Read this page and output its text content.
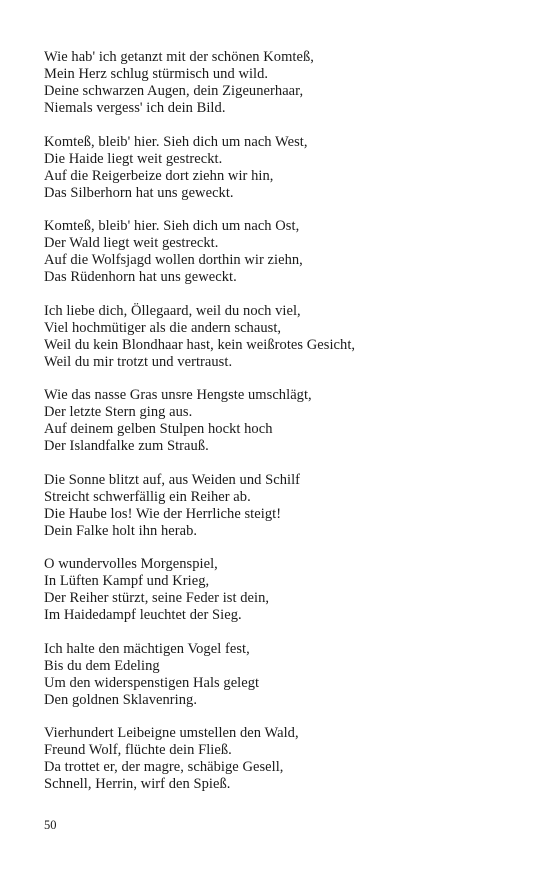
Wie hab' ich getanzt mit der schönen Komteß,
Mein Herz schlug stürmisch und wild.
Deine schwarzen Augen, dein Zigeunerhaar,
Niemals vergess' ich dein Bild.
Komteß, bleib' hier. Sieh dich um nach West,
Die Haide liegt weit gestreckt.
Auf die Reigerbeize dort ziehn wir hin,
Das Silberhorn hat uns geweckt.
Komteß, bleib' hier. Sieh dich um nach Ost,
Der Wald liegt weit gestreckt.
Auf die Wolfsjagd wollen dorthin wir ziehn,
Das Rüdenhorn hat uns geweckt.
Ich liebe dich, Öllegaard, weil du noch viel,
Viel hochmütiger als die andern schaust,
Weil du kein Blondhaar hast, kein weißrotes Gesicht,
Weil du mir trotzt und vertraust.
Wie das nasse Gras unsre Hengste umschlägt,
Der letzte Stern ging aus.
Auf deinem gelben Stulpen hockt hoch
Der Islandfalke zum Strauß.
Die Sonne blitzt auf, aus Weiden und Schilf
Streicht schwerfällig ein Reiher ab.
Die Haube los! Wie der Herrliche steigt!
Dein Falke holt ihn herab.
O wundervolles Morgenspiel,
In Lüften Kampf und Krieg,
Der Reiher stürzt, seine Feder ist dein,
Im Haidedampf leuchtet der Sieg.
Ich halte den mächtigen Vogel fest,
Bis du dem Edeling
Um den widerspenstigen Hals gelegt
Den goldnen Sklavenring.
Vierhundert Leibeigne umstellen den Wald,
Freund Wolf, flüchte dein Fließ.
Da trottet er, der magre, schäbige Gesell,
Schnell, Herrin, wirf den Spieß.
50
